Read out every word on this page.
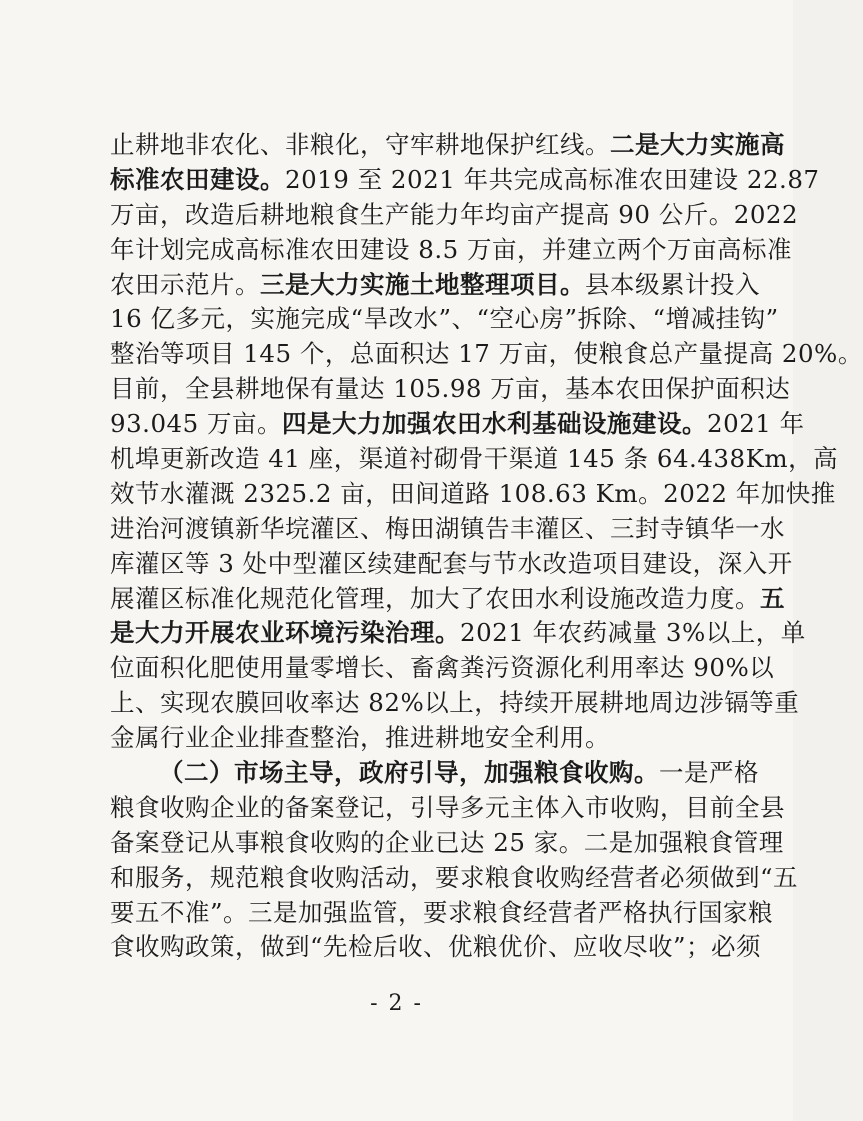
止耕地非农化、非粮化，守牢耕地保护红线。二是大力实施高
标准农田建设。2019 至 2021 年共完成高标准农田建设 22.87
万亩，改造后耕地粮食生产能力年均亩产提高 90 公斤。2022
年计划完成高标准农田建设 8.5 万亩，并建立两个万亩高标准
农田示范片。三是大力实施土地整理项目。县本级累计投入
16 亿多元，实施完成“旱改水”、“空心房”拆除、“增减挂钩”
整治等项目 145 个，总面积达 17 万亩，使粮食总产量提高 20%。
目前，全县耕地保有量达 105.98 万亩，基本农田保护面积达
93.045 万亩。四是大力加强农田水利基础设施建设。2021 年
机埠更新改造 41 座，渠道衬砌骨干渠道 145 条 64.438Km，高
效节水灌溉 2325.2 亩，田间道路 108.63 Km。2022 年加快推
进治河渡镇新华垸灌区、梅田湖镇告丰灌区、三封寺镇华一水
库灌区等 3 处中型灌区续建配套与节水改造项目建设，深入开
展灌区标准化规范化管理，加大了农田水利设施改造力度。五
是大力开展农业环境污染治理。2021 年农药减量 3%以上，单
位面积化肥使用量零增长、畜禽粪污资源化利用率达 90%以
上、实现农膜回收率达 82%以上，持续开展耕地周边涉镉等重
金属行业企业排查整治，推进耕地安全利用。
（二）市场主导，政府引导，加强粮食收购。一是严格
粮食收购企业的备案登记，引导多元主体入市收购，目前全县
备案登记从事粮食收购的企业已达 25 家。二是加强粮食管理
和服务，规范粮食收购活动，要求粮食收购经营者必须做到“五
要五不准”。三是加强监管，要求粮食经营者严格执行国家粮
食收购政策，做到“先检后收、优粮优价、应收尽收”；必须
- 2 -
